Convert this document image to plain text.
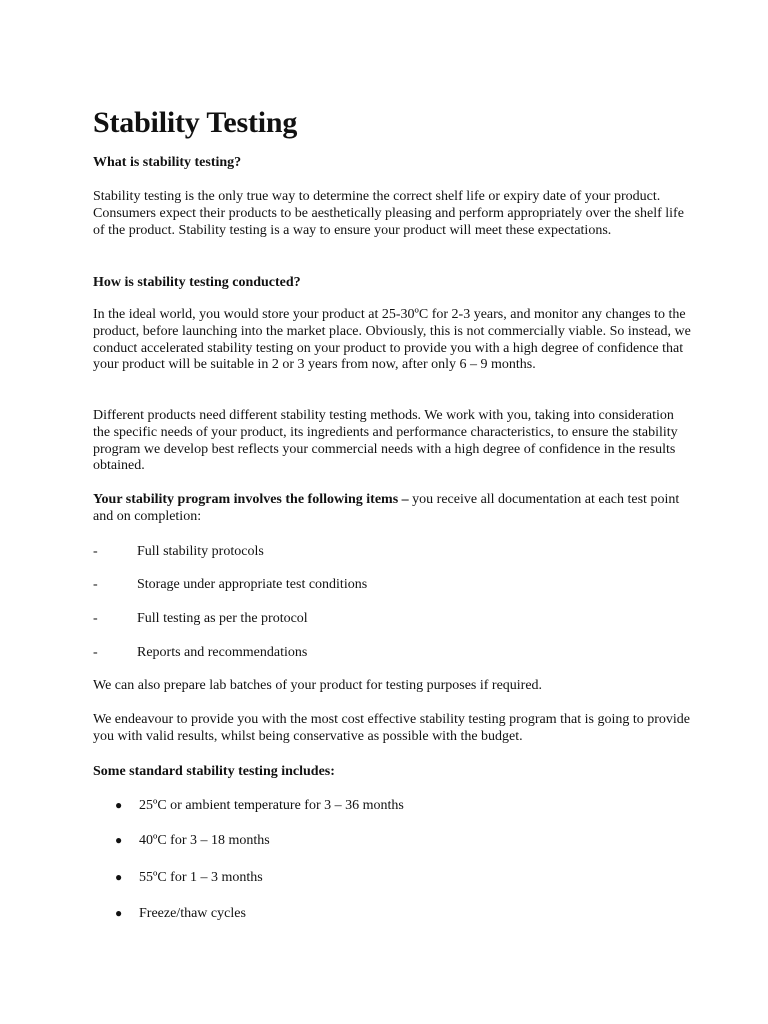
Stability Testing

What is stability testing?

Stability testing is the only true way to determine the correct shelf life or expiry date of your product. Consumers expect their products to be aesthetically pleasing and perform appropriately over the shelf life of the product. Stability testing is a way to ensure your product will meet these expectations.

How is stability testing conducted?

In the ideal world, you would store your product at 25-30ºC for 2-3 years, and monitor any changes to the product, before launching into the market place. Obviously, this is not commercially viable. So instead, we conduct accelerated stability testing on your product to provide you with a high degree of confidence that your product will be suitable in 2 or 3 years from now, after only 6 – 9 months.

Different products need different stability testing methods. We work with you, taking into consideration the specific needs of your product, its ingredients and performance characteristics, to ensure the stability program we develop best reflects your commercial needs with a high degree of confidence in the results obtained.

Your stability program involves the following items – you receive all documentation at each test point and on completion:

-	Full stability protocols
-	Storage under appropriate test conditions
-	Full testing as per the protocol
-	Reports and recommendations

We can also prepare lab batches of your product for testing purposes if required.

We endeavour to provide you with the most cost effective stability testing program that is going to provide you with valid results, whilst being conservative as possible with the budget.

Some standard stability testing includes:

● 25ºC or ambient temperature for 3 – 36 months
● 40ºC for 3 – 18 months
● 55ºC for 1 – 3 months
● Freeze/thaw cycles
